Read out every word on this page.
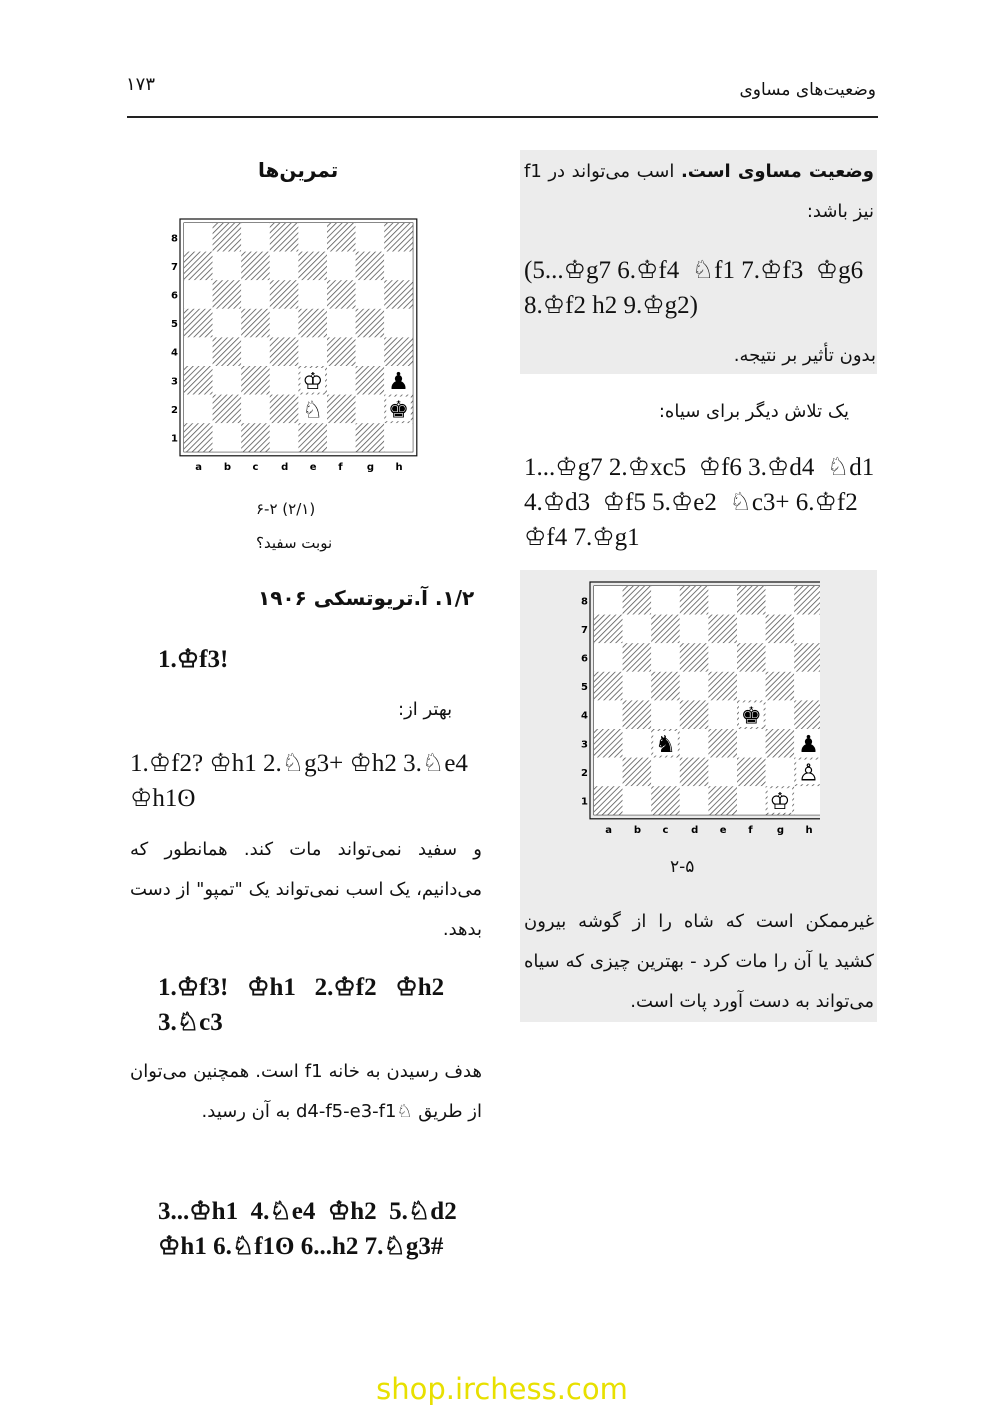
۱۷۳	وضعیت‌های مساوی
وضعیت مساوی است. اسب می‌تواند در f1 نیز باشد:
(5...♔g7 6.♔f4  ♘f1 7.♔f3  ♔g6
8.♔f2 h2 9.♔g2)
بدون تأثیر بر نتیجه.
یک تلاش دیگر برای سیاه:
1...♔g7 2.♔xc5  ♔f6 3.♔d4  ♘d1
4.♔d3  ♔f5 5.♔e2  ♘c3+ 6.♔f2
♔f4 7.♔g1
8
7
6
5
4
3
2
1
a b c d e f g h
♚
♞	♟
♙
♔
۲-۵
غیرممکن است که شاه را از گوشه بیرون کشید یا آن را مات کرد - بهترین چیزی که سیاه می‌تواند به دست آورد پات است.
تمرین‌ها
8
7
6
5
4
3
2
1
a b c d e f g h
♔
♘
♟
♚
۶-۲ (۲/۱)
نوبت سفید؟
۱/۲. آ.تریوتسکی ۱۹۰۶
1.♔f3!
بهتر از:
1.♔f2? ♔h1 2.♘g3+ ♔h2 3.♘e4
♔h1ʘ
و سفید نمی‌تواند مات کند. همانطور که می‌دانیم، یک اسب نمی‌تواند یک "تمپو" از دست بدهد.
1.♔f3!   ♔h1   2.♔f2   ♔h2
3.♘c3
هدف رسیدن به خانه f1 است. همچنین می‌توان از طریق ♘d4-f5-e3-f1 به آن رسید.
3...♔h1  4.♘e4  ♔h2  5.♘d2
♔h1 6.♘f1ʘ 6...h2 7.♘g3#
shop.irchess.com
